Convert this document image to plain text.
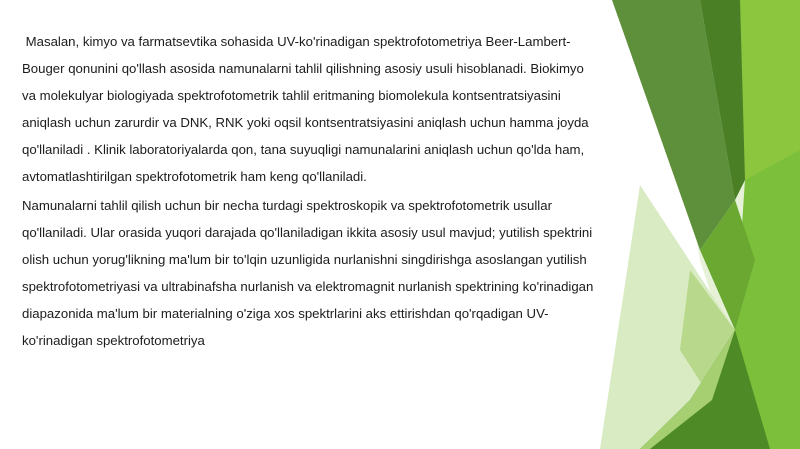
Masalan, kimyo va farmatsevtika sohasida UV-ko'rinadigan spektrofotometriya Beer-Lambert-Bouger qonunini qo'llash asosida namunalarni tahlil qilishning asosiy usuli hisoblanadi. Biokimyo va molekulyar biologiyada spektrofotometrik tahlil eritmaning biomolekula kontsentratsiyasini aniqlash uchun zarurdir va DNK, RNK yoki oqsil kontsentratsiyasini aniqlash uchun hamma joyda qo'llaniladi . Klinik laboratoriyalarda qon, tana suyuqligi namunalarini aniqlash uchun qo'lda ham, avtomatlashtirilgan spektrofotometrik ham keng qo'llaniladi.

Namunalarni tahlil qilish uchun bir necha turdagi spektroskopik va spektrofotometrik usullar qo'llaniladi. Ular orasida yuqori darajada qo'llaniladigan ikkita asosiy usul mavjud; yutilish spektrini olish uchun yorug'likning ma'lum bir to'lqin uzunligida nurlanishni singdirishga asoslangan yutilish spektrofotometriyasi va ultrabinafsha nurlanish va elektromagnit nurlanish spektrining ko'rinadigan diapazonida ma'lum bir materialning o'ziga xos spektrlarini aks ettirishdan qo'rqadigan UV-ko'rinadigan spektrofotometriya
